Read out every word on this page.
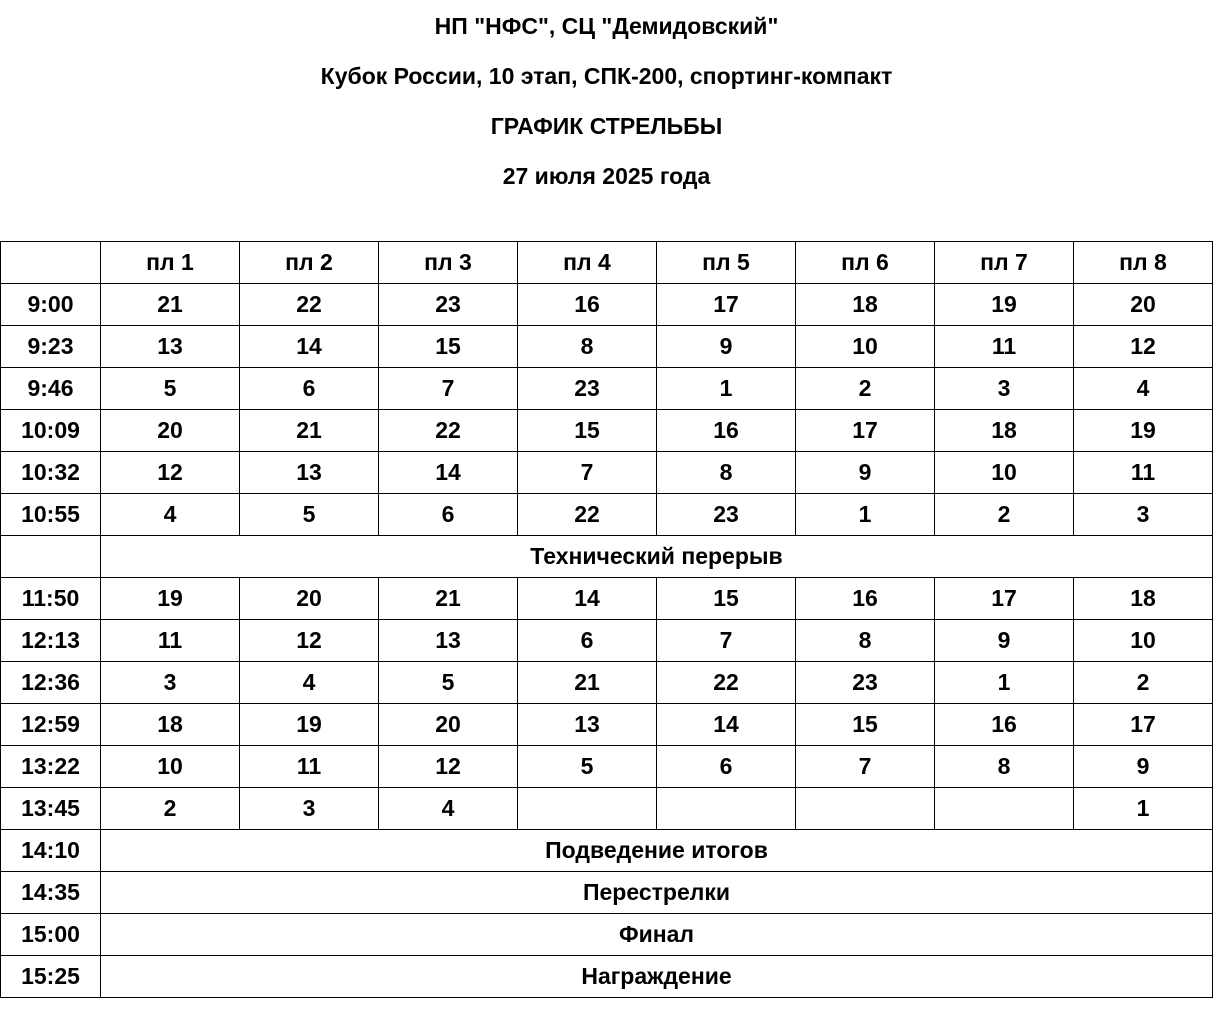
НП "НФС", СЦ "Демидовский"
Кубок России, 10 этап, СПК-200, спортинг-компакт
ГРАФИК СТРЕЛЬБЫ
27 июля 2025 года
	пл 1	пл 2	пл 3	пл 4	пл 5	пл 6	пл 7	пл 8
9:00	21	22	23	16	17	18	19	20
9:23	13	14	15	8	9	10	11	12
9:46	5	6	7	23	1	2	3	4
10:09	20	21	22	15	16	17	18	19
10:32	12	13	14	7	8	9	10	11
10:55	4	5	6	22	23	1	2	3
	Технический перерыв							
11:50	19	20	21	14	15	16	17	18
12:13	11	12	13	6	7	8	9	10
12:36	3	4	5	21	22	23	1	2
12:59	18	19	20	13	14	15	16	17
13:22	10	11	12	5	6	7	8	9
13:45	2	3	4					1
14:10	Подведение итогов							
14:35	Перестрелки							
15:00	Финал							
15:25	Награждение							
